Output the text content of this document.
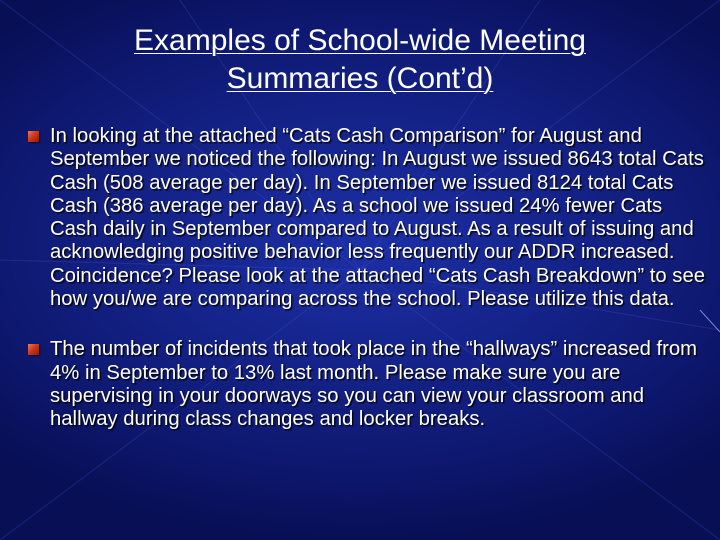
Examples of School-wide Meeting
Summaries (Cont’d)
In looking at the attached “Cats Cash Comparison” for August and September we noticed the following: In August we issued 8643 total Cats Cash (508 average per day). In September we issued 8124 total Cats Cash (386 average per day). As a school we issued 24% fewer Cats Cash daily in September compared to August. As a result of issuing and acknowledging positive behavior less frequently our ADDR increased. Coincidence? Please look at the attached “Cats Cash Breakdown” to see how you/we are comparing across the school. Please utilize this data.
The number of incidents that took place in the “hallways” increased from 4% in September to 13% last month. Please make sure you are supervising in your doorways so you can view your classroom and hallway during class changes and locker breaks.
